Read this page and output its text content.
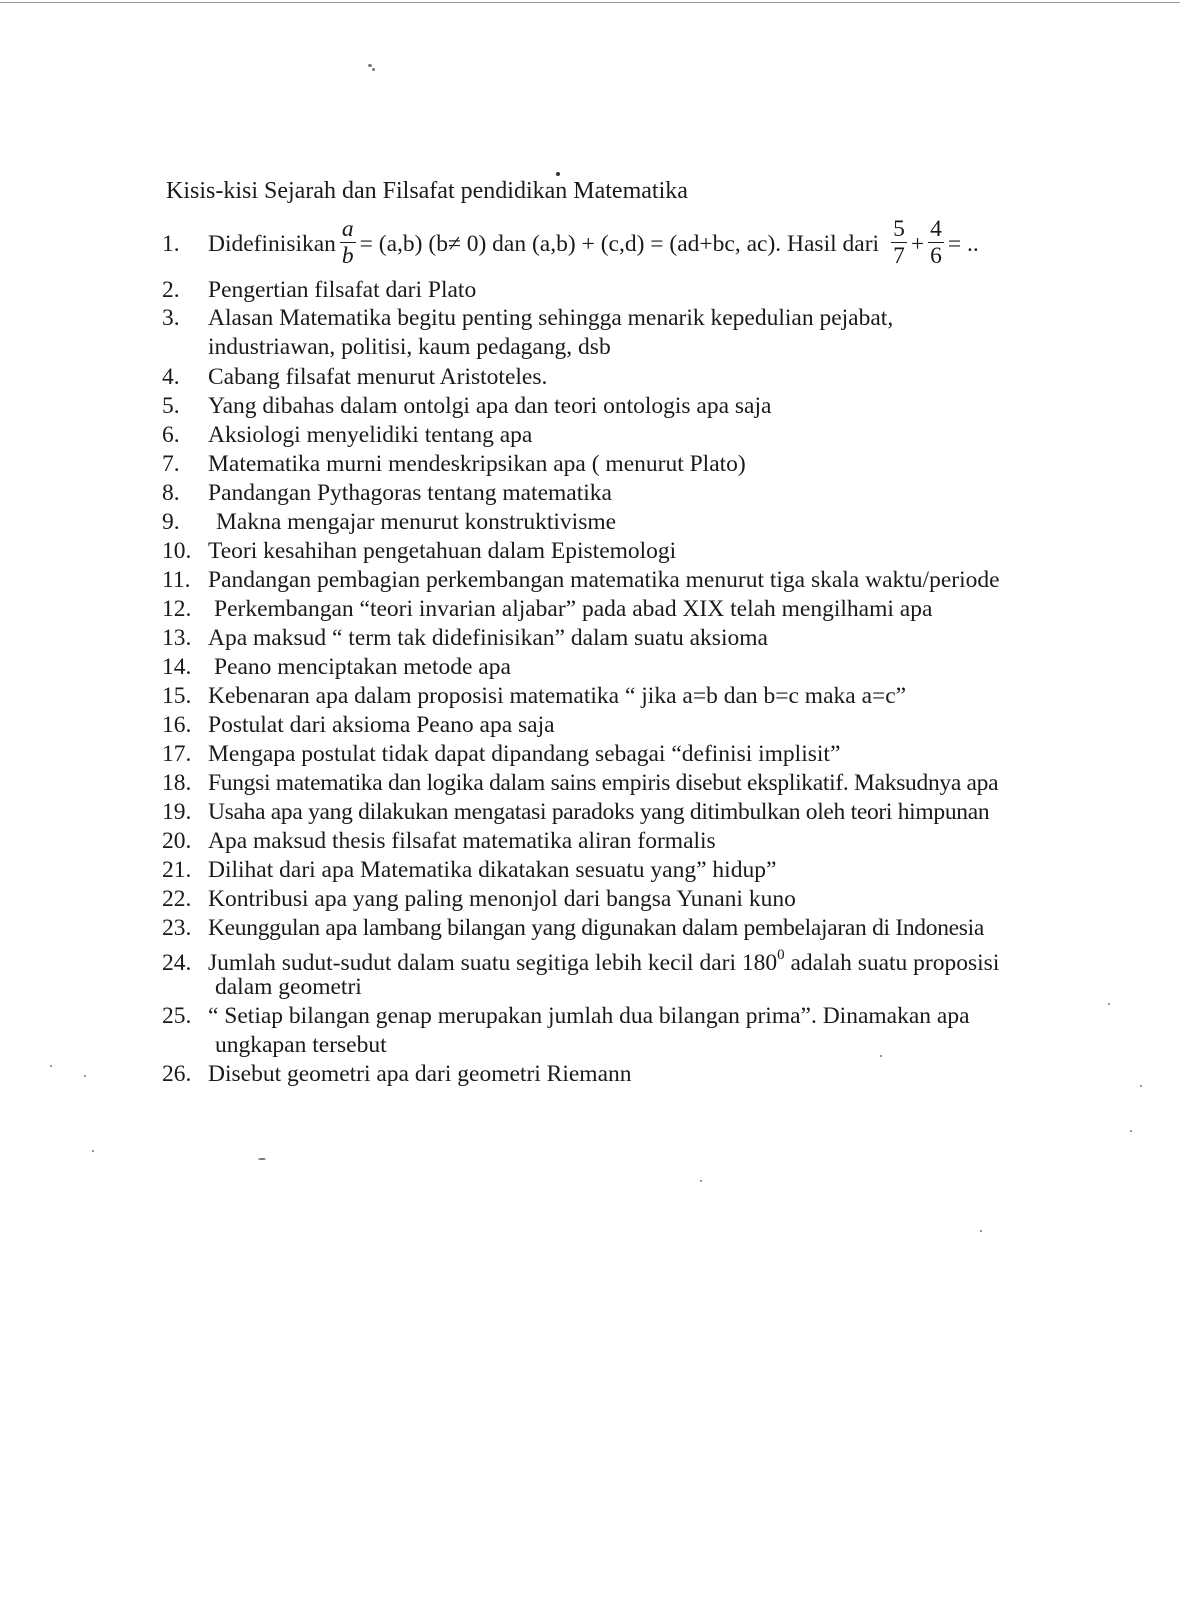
Kisis-kisi Sejarah dan Filsafat pendidikan Matematika
1.	Didefinisikan $\frac{a}{b} = (a,b)$ (b≠ 0) dan (a,b) + (c,d) = (ad+bc, ac). Hasil dari $\frac{5}{7} + \frac{4}{6}$ = ..
2. Pengertian filsafat dari Plato
3. Alasan Matematika begitu penting sehingga menarik kepedulian pejabat,
industriawan, politisi, kaum pedagang, dsb
4. Cabang filsafat menurut Aristoteles.
5. Yang dibahas dalam ontolgi apa dan teori ontologis apa saja
6. Aksiologi menyelidiki tentang apa
7. Matematika murni mendeskripsikan apa ( menurut Plato)
8. Pandangan Pythagoras tentang matematika
9. Makna mengajar menurut konstruktivisme
10. Teori kesahihan pengetahuan dalam Epistemologi
11. Pandangan pembagian perkembangan matematika menurut tiga skala waktu/periode
12. Perkembangan “teori invarian aljabar” pada abad XIX telah mengilhami apa
13. Apa maksud “ term tak didefinisikan” dalam suatu aksioma
14. Peano menciptakan metode apa
15. Kebenaran apa dalam proposisi matematika “ jika a=b dan b=c maka a=c”
16. Postulat dari aksioma Peano apa saja
17. Mengapa postulat tidak dapat dipandang sebagai “definisi implisit”
18. Fungsi matematika dan logika dalam sains empiris disebut eksplikatif. Maksudnya apa
19. Usaha apa yang dilakukan mengatasi paradoks yang ditimbulkan oleh teori himpunan
20. Apa maksud thesis filsafat matematika aliran formalis
21. Dilihat dari apa Matematika dikatakan sesuatu yang” hidup”
22. Kontribusi apa yang paling menonjol dari bangsa Yunani kuno
23. Keunggulan apa lambang bilangan yang digunakan dalam pembelajaran di Indonesia
24. Jumlah sudut-sudut dalam suatu segitiga lebih kecil dari $180^0$ adalah suatu proposisi
dalam geometri
25. “ Setiap bilangan genap merupakan jumlah dua bilangan prima”. Dinamakan apa
ungkapan tersebut
26. Disebut geometri apa dari geometri Riemann
